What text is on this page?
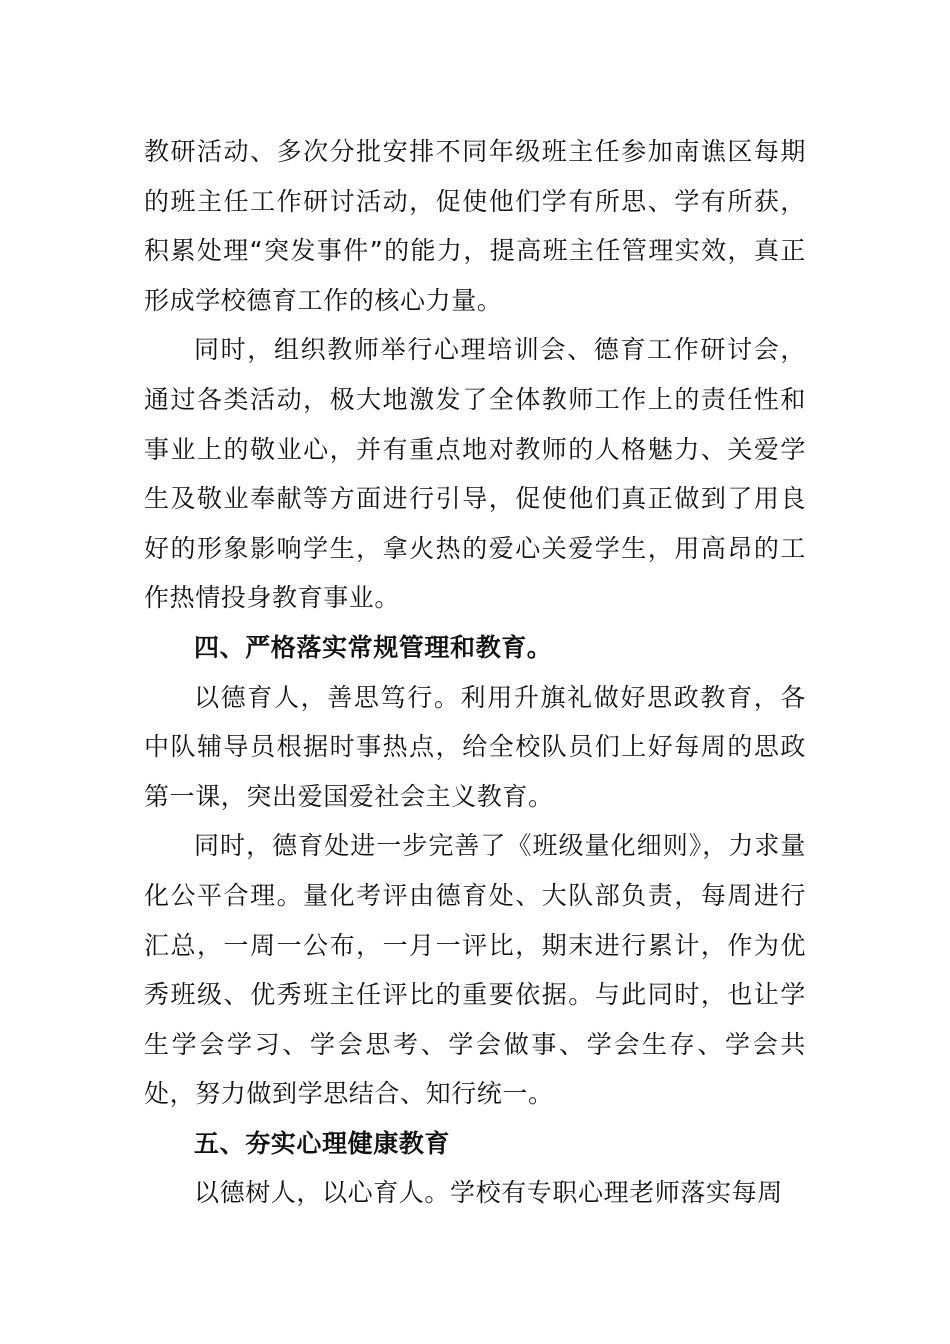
教研活动、多次分批安排不同年级班主任参加南谯区每期的班主任工作研讨活动，促使他们学有所思、学有所获，积累处理“突发事件”的能力，提高班主任管理实效，真正形成学校德育工作的核心力量。

同时，组织教师举行心理培训会、德育工作研讨会，通过各类活动，极大地激发了全体教师工作上的责任性和事业上的敬业心，并有重点地对教师的人格魅力、关爱学生及敬业奉献等方面进行引导，促使他们真正做到了用良好的形象影响学生，拿火热的爱心关爱学生，用高昂的工作热情投身教育事业。

四、严格落实常规管理和教育。

以德育人，善思笃行。利用升旗礼做好思政教育，各中队辅导员根据时事热点，给全校队员们上好每周的思政第一课，突出爱国爱社会主义教育。

同时，德育处进一步完善了《班级量化细则》，力求量化公平合理。量化考评由德育处、大队部负责，每周进行汇总，一周一公布，一月一评比，期末进行累计，作为优秀班级、优秀班主任评比的重要依据。与此同时，也让学生学会学习、学会思考、学会做事、学会生存、学会共处，努力做到学思结合、知行统一。

五、夯实心理健康教育

以德树人，以心育人。学校有专职心理老师落实每周
